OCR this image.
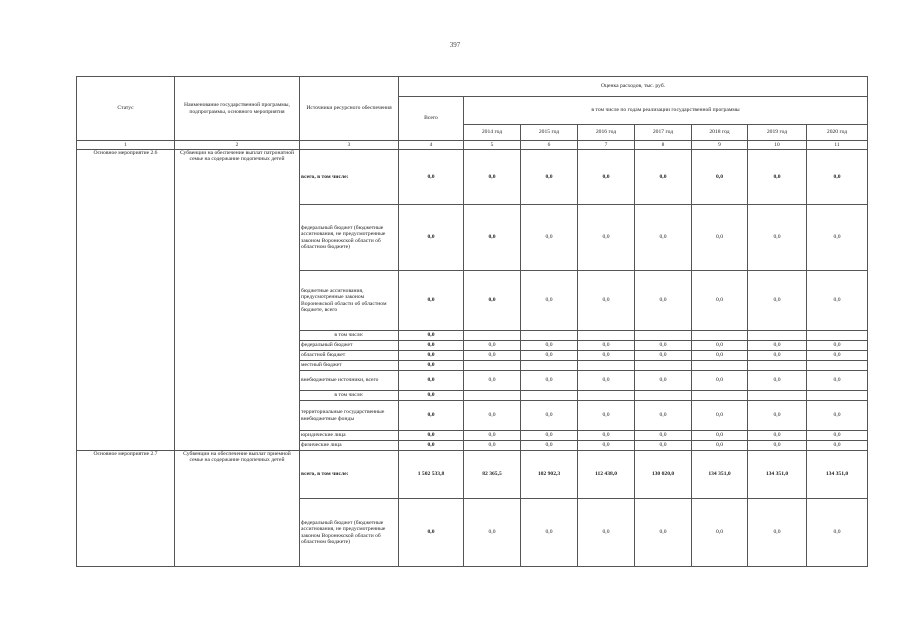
397
Статус	Наименование государственной программы, подпрограммы, основного мероприятия	Источники ресурсного обеспечения	Оценка расходов, тыс. руб.							
			Всего	в том числе по годам реализации государственной программы						
				2014 год	2015 год	2016 год	2017 год	2018 год	2019 год	2020 год
1	2	3	4	5	6	7	8	9	10	11
Основное мероприятие 2.6	Субвенции на обеспечение выплат патронатной семье на содержание подопечных детей	всего, в том числе:	0,0	0,0	0,0	0,0	0,0	0,0	0,0	0,0
		федеральный бюджет (бюджетные ассигнования, не предусмотренные законом Воронежской области об областном бюджете)	0,0	0,0	0,0	0,0	0,0	0,0	0,0	0,0
		бюджетные ассигнования, предусмотренные законом Воронежской области об областном бюджете, всего	0,0	0,0	0,0	0,0	0,0	0,0	0,0	0,0
		в том числе:	0,0							
		федеральный бюджет	0,0	0,0	0,0	0,0	0,0	0,0	0,0	0,0
		областной бюджет	0,0	0,0	0,0	0,0	0,0	0,0	0,0	0,0
		местный бюджет	0,0							
		внебюджетные источники, всего	0,0	0,0	0,0	0,0	0,0	0,0	0,0	0,0
		в том числе:	0,0							
		территориальные государственные внебюджетные фонды	0,0	0,0	0,0	0,0	0,0	0,0	0,0	0,0
		юридические лица	0,0	0,0	0,0	0,0	0,0	0,0	0,0	0,0
		физические лица	0,0	0,0	0,0	0,0	0,0	0,0	0,0	0,0
Основное мероприятие 2.7	Субвенции на обеспечение выплат приемной семье на содержание подопечных детей	всего, в том числе:	1 502 533,8	82 365,5	102 902,3	112 438,0	130 020,0	134 351,0	134 351,0	134 351,0
		федеральный бюджет (бюджетные ассигнования, не предусмотренные законом Воронежской области об областном бюджете)	0,0	0,0	0,0	0,0	0,0	0,0	0,0	0,0
